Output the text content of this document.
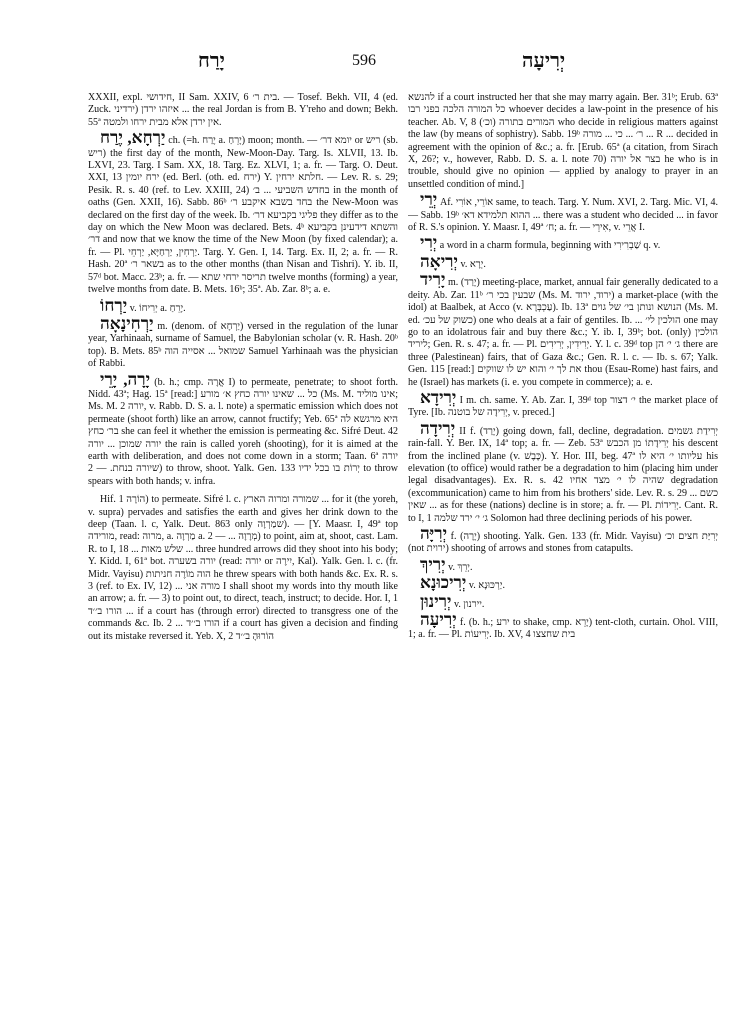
יָרַח	596	יְרִיעָה

XXXII, expl. חידושי, II Sam. XXIV, 6 בית ר׳. — Tosef. Bekh. VII, 4 (ed. Zuck. ירדיני) איזהו ירדן ... the real Jordan is from B. Y'reho and down; Bekh. 55ª אין ירדן אלא מבית ירחו ולמטה.

יַרְחָא, יֶרַח ch. (=h. יֶרַח a. יָרֵחַ) moon; month. — יומא דר׳ or ריש (sb. ריש) the first day of the month, New-Moon-Day. Targ. Is. XLVII, 13. Ib. LXVI, 23. Targ. I Sam. XX, 18. Targ. Ez. XLVI, 1; a. fr. — Targ. O. Deut. XXI, 13 ירח יומין (ed. Berl. (oth. ed. ירח) Y. חלתא ירחין. — Lev. R. s. 29; Pesik. R. s. 40 (ref. to Lev. XXIII, 24) בחדש השביעי ... ב׳ in the month of oaths (Gen. XXII, 16). Sabb. 86ᵇ בחד בשבא איקבע ר׳ the New-Moon was declared on the first day of the week. Ib. פליגי בקביעא דר׳ they differ as to the day on which the New Moon was declared. Bets. 4ᵇ והשתא דידעינן בקביעא דר׳ and now that we know the time of the New Moon (by fixed calendar); a. fr. — Pl. יַרְחִין, יַרְחַיָּא, יַרְחֵי. Targ. Y. Gen. I, 14. Targ. Ex. II, 2; a. fr. — R. Hash. 20ª בשאר ר׳ as to the other months (than Nisan and Tishri). Y. ib. II, 57ᵈ bot. Macc. 23ᵇ; a. fr. — תריסר ירחי שתא twelve months (forming) a year, twelve months from date. B. Mets. 16ᵇ; 35ª. Ab. Zar. 8ᵇ; a. e.

יַרְחוֹ v. יְרִיחוֹ a. יָרֵחַ.

יַרְחִינָאָה m. (denom. of יַרְחָא) versed in the regulation of the lunar year, Yarhinaah, surname of Samuel, the Babylonian scholar (v. R. Hash. 20ᵇ top). B. Mets. 85ᵇ שמואל ... אסייה הוה Samuel Yarhinaah was the physician of Rabbi.

יָרָה, יָרֵי (b. h.; cmp. אֲרָה I) to permeate, penetrate; to shoot forth. Nidd. 43ª; Hag. 15ª [read:] כל ... שאינו יורה כחץ א׳ מורע (Ms. M. אינו מוליד; Ms. M. 2 יורה, v. Rabb. D. S. a. l. note) a spermatic emission which does not permeate (shoot forth) like an arrow, cannot fructify; Yeb. 65ª היא מרגשא לה בר׳ כחץ she can feel it whether the emission is permeating &c. Sifré Deut. 42 יורה שמוכן ... יורה the rain is called yoreh (shooting), for it is aimed at the earth with deliberation, and does not come down in a storm; Taan. 6ª יורה שיורה בנחת. — 2) to throw, shoot. Yalk. Gen. 133 יְרוֹת בו בכל ידיו to throw spears with both hands; v. infra.

Hif. הוֹרָה 1) to permeate. Sifré l. c. שמורה ומרוה הארץ ... for it (the yoreh, v. supra) pervades and satisfies the earth and gives her drink down to the deep (Taan. l. c, Yalk. Deut. 863 only שמַרְוָה). — [Y. Maasr. I, 49ª top מורידה, read: מרוה, a. מַרְוָה a. מְרָוָה ... — 2) to point, aim at, shoot, cast. Lam. R. to I, 18 ... שלש מאות ... three hundred arrows did they shoot into his body; Y. Kidd. I, 61ª bot. יורה בשערה (read: יורה or יִירֶה, Kal). Yalk. Gen. l. c. (fr. Midr. Vayisu) הוה מוֹרֶה חניתות he threw spears with both hands &c. Ex. R. s. 3 (ref. to Ex. IV, 12) ... מורה אני I shall shoot my words into thy mouth like an arrow; a. fr. — 3) to point out, to direct, teach, instruct; to decide. Hor. I, 1 הורו ב׳׳ד ... if a court has (through error) directed to transgress one of the commands &c. Ib. 2 ... הורו ב׳׳ד if a court has given a decision and finding out its mistake reversed it. Yeb. X, 2 הוֹרוּהָ ב׳׳ד

להנשא if a court instructed her that she may marry again. Ber. 31ᵇ; Erub. 63ª כל המורה הלכה בפני רבו whoever decides a law-point in the presence of his teacher. Ab. V, 8 המורים בתורה (וכ׳) who decide in religious matters against the law (by means of sophistry). Sabb. 19ᵇ ר׳ ... כי ... מורה ... R ... decided in agreement with the opinion of &c.; a. fr. [Erub. 65ª (a citation, from Sirach X, 26?; v., however, Rabb. D. S. a. l. note 70) בצר אל יורה he who is in trouble, should give no opinion — applied by analogy to prayer in an unsettled condition of mind.]

יְרֵי Af. אוֹרֵי, אוֹרִי same, to teach. Targ. Y. Num. XVI, 2. Targ. Mic. VI, 4. — Sabb. 19ᵇ ההוא תלמידא דא׳ ... there was a student who decided ... in favor of R. S.'s opinion. Y. Maasr. I, 49ª ח׳; a. fr. — אִירֵי, v. אֲרֵי I.

יְרִי a word in a charm formula, beginning with שַׁבְרִירִי q. v.

יְרִיאָה v. יְרָא.

יָרִיד m. (יָרַד) meeting-place, market, annual fair generally dedicated to a deity. Ab. Zar. 11ᵇ שבעין בכי ר׳ (Ms. M. ירוד, ירוד) a market-place (with the idol) at Baalbek, at Acco (v. עַכְבְּרָא). Ib. 13ª הנושא ונותן בי׳ של גוים (Ms. M. ed. כשוק של עכ׳) one who deals at a fair of gentiles. Ib. ... הולכין לי׳ one may go to an idolatrous fair and buy there &c.; Y. ib. I, 39ᵇ; bot. (only) הולכין ליריד; Gen. R. s. 47; a. fr. — Pl. יְרִידִין, יְרִידִים. Y. l. c. 39ᵈ top ג׳ י׳ הן there are three (Palestinean) fairs, that of Gaza &c.; Gen. R. l. c. — Ib. s. 67; Yalk. Gen. 115 [read:] את לך י׳ והוא יש לו שווקים thou (Esau-Rome) hast fairs, and he (Israel) has markets (i. e. you compete in commerce); a. e.

יְרִידָא I m. ch. same. Y. Ab. Zar. I, 39ᵈ top י׳ דצור the market place of Tyre. [Ib. יְרִידָה של בוטנה, v. preced.]

יְרִידָה II f. (יָרַד) going down, fall, decline, degradation. יְרִידַת גשמים rain-fall. Y. Ber. IX, 14ª top; a. fr. — Zeb. 53ª יְרִידָתוֹ מן הכבש his descent from the inclined plane (v. כֶּבֶשׁ). Y. Hor. III, beg. 47ª עליותו י׳ היא לו his elevation (to office) would rather be a degradation to him (placing him under legal disadvantages). Ex. R. s. 42 שהיה לו י׳ מצד אחיו degradation (excommunication) came to him from his brothers' side. Lev. R. s. 29 ... כשם שאין ... as for these (nations) decline is in store; a. fr. — Pl. יְרִידוֹת. Cant. R. to I, 1 ג׳ י׳ ירד שלמה Solomon had three declining periods of his power.

יְרִיָּה f. (יָרָה) shooting. Yalk. Gen. 133 (fr. Midr. Vayisu) יְרִיַּת חצים וכ׳ (not ירוית) shooting of arrows and stones from catapults.

יְרִיךְ v. יְרֵךְ.

יְרִיכוּנָא v. יַרְכּוּנָא.

יְרִינוּן v. יירנון.

יְרִיעָה f. (b. h.; ירע to shake, cmp. יָרֵא) tent-cloth, curtain. Ohol. VIII, 1; a. fr. — Pl. יְרִיעוֹת. Ib. XV, 4 בית שחצצו
